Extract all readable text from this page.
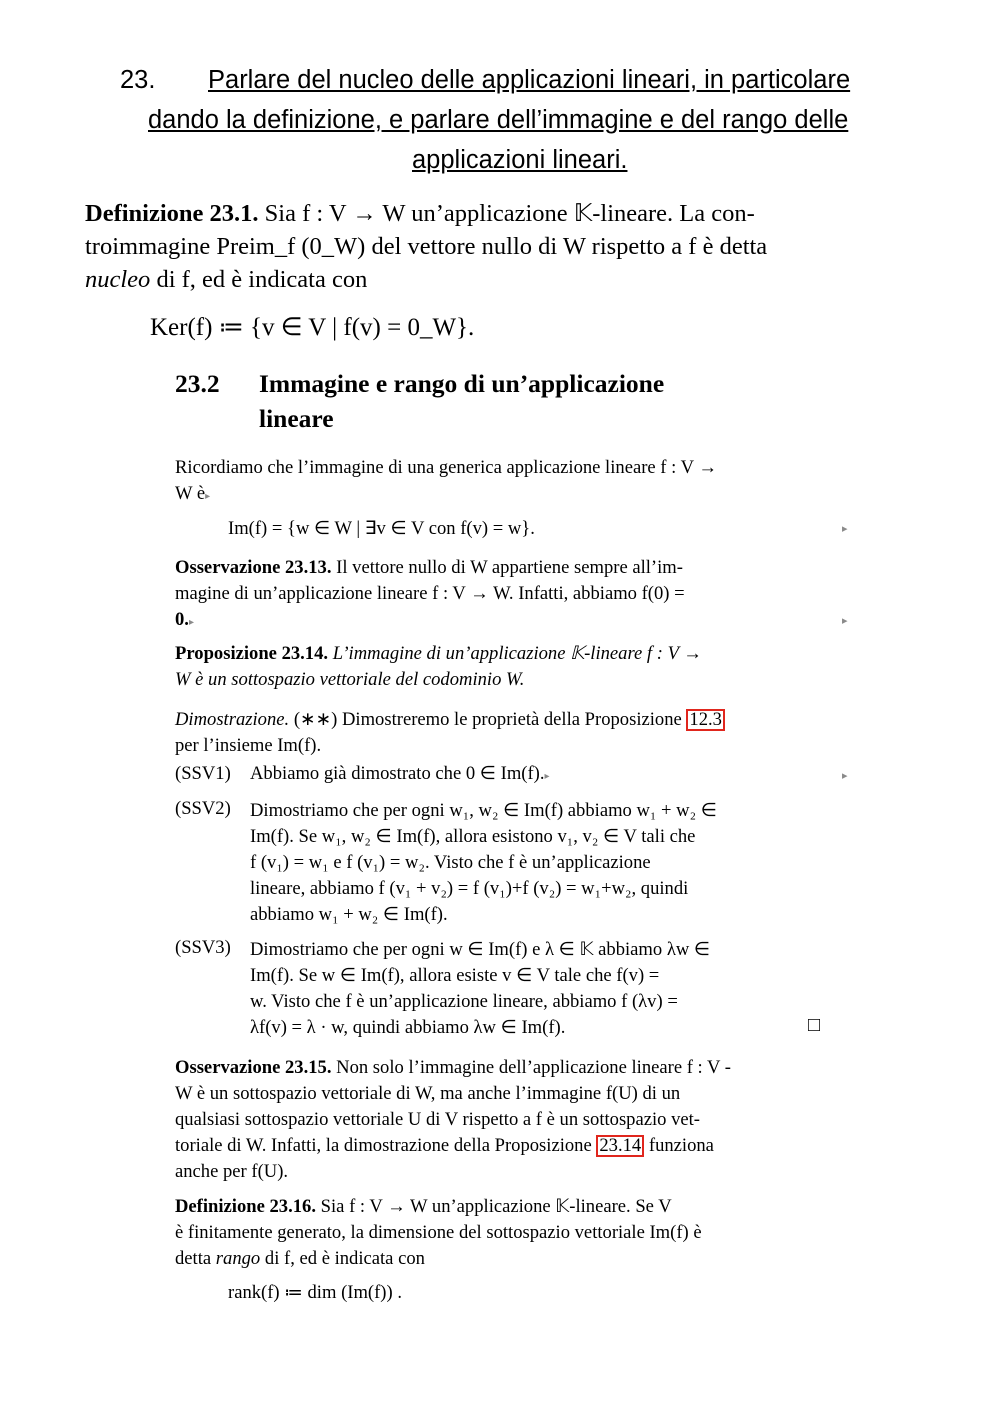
23. Parlare del nucleo delle applicazioni lineari, in particolare
dando la definizione, e parlare dell’immagine e del rango delle
applicazioni lineari.
Definizione 23.1. Sia f : V → W un’applicazione 𝕂-lineare. La con-
troimmagine Preim_f (0_W) del vettore nullo di W rispetto a f è detta
nucleo di f, ed è indicata con
Ker(f) ≔ {v ∈ V | f(v) = 0_W}.
23.2 Immagine e rango di un’applicazione
lineare
Ricordiamo che l’immagine di una generica applicazione lineare f : V →
W è▸
Im(f) = {w ∈ W | ∃v ∈ V con f(v) = w}.	▸
Osservazione 23.13. Il vettore nullo di W appartiene sempre all’im-
magine di un’applicazione lineare f : V → W. Infatti, abbiamo f(0) =
0.▸	▸
Proposizione 23.14. L’immagine di un’applicazione 𝕂-lineare f : V →
W è un sottospazio vettoriale del codominio W.
Dimostrazione. (∗∗) Dimostreremo le proprietà della Proposizione 12.3
per l’insieme Im(f).
(SSV1) Abbiamo già dimostrato che 0 ∈ Im(f).▸	▸
(SSV2) Dimostriamo che per ogni w₁, w₂ ∈ Im(f) abbiamo w₁ + w₂ ∈
Im(f). Se w₁, w₂ ∈ Im(f), allora esistono v₁, v₂ ∈ V tali che
f (v₁) = w₁ e f (v₁) = w₂. Visto che f è un’applicazione
lineare, abbiamo f (v₁ + v₂) = f (v₁)+f (v₂) = w₁+w₂, quindi
abbiamo w₁ + w₂ ∈ Im(f).
(SSV3) Dimostriamo che per ogni w ∈ Im(f) e λ ∈ 𝕂 abbiamo λw ∈
Im(f). Se w ∈ Im(f), allora esiste v ∈ V tale che f(v) =
w. Visto che f è un’applicazione lineare, abbiamo f (λv) =
λf(v) = λ · w, quindi abbiamo λw ∈ Im(f).	□
Osservazione 23.15. Non solo l’immagine dell’applicazione lineare f : V -
W è un sottospazio vettoriale di W, ma anche l’immagine f(U) di un
qualsiasi sottospazio vettoriale U di V rispetto a f è un sottospazio vet-
toriale di W. Infatti, la dimostrazione della Proposizione 23.14 funziona
anche per f(U).
Definizione 23.16. Sia f : V → W un’applicazione 𝕂-lineare. Se V
è finitamente generato, la dimensione del sottospazio vettoriale Im(f) è
detta rango di f, ed è indicata con
rank(f) ≔ dim (Im(f)) .
